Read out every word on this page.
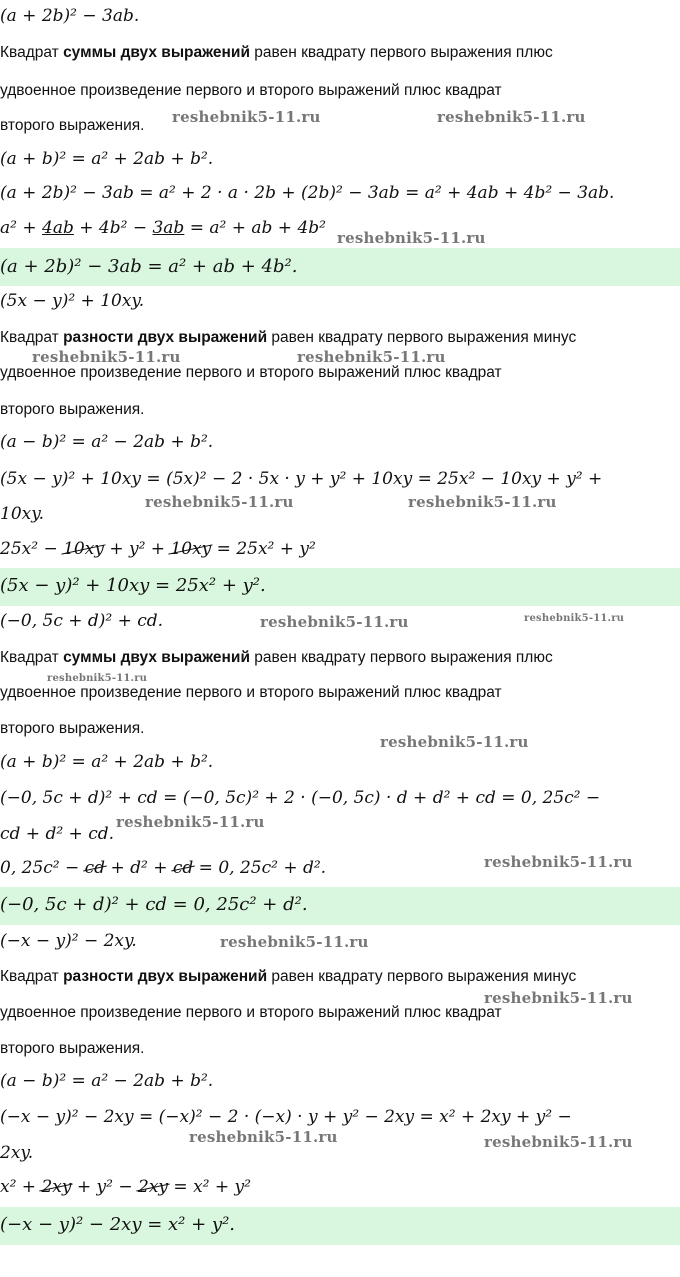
(a + 2b)² − 3ab.
Квадрат суммы двух выражений равен квадрату первого выражения плюс
удвоенное произведение первого и второго выражений плюс квадрат
второго выражения.
(a + b)² = a² + 2ab + b².
(a + 2b)² − 3ab = a² + 2 · a · 2b + (2b)² − 3ab = a² + 4ab + 4b² − 3ab.
a² + 4ab + 4b² − 3ab = a² + ab + 4b²
(a + 2b)² − 3ab = a² + ab + 4b².
(5x − y)² + 10xy.
Квадрат разности двух выражений равен квадрату первого выражения минус
удвоенное произведение первого и второго выражений плюс квадрат
второго выражения.
(a − b)² = a² − 2ab + b².
(5x − y)² + 10xy = (5x)² − 2 · 5x · y + y² + 10xy = 25x² − 10xy + y² +
10xy.
25x² − 10xy + y² + 10xy = 25x² + y²
(5x − y)² + 10xy = 25x² + y².
(−0, 5c + d)² + cd.
Квадрат суммы двух выражений равен квадрату первого выражения плюс
удвоенное произведение первого и второго выражений плюс квадрат
второго выражения.
(a + b)² = a² + 2ab + b².
(−0, 5c + d)² + cd = (−0, 5c)² + 2 · (−0, 5c) · d + d² + cd = 0, 25c² −
cd + d² + cd.
0, 25c² − cd + d² + cd = 0, 25c² + d².
(−0, 5c + d)² + cd = 0, 25c² + d².
(−x − y)² − 2xy.
Квадрат разности двух выражений равен квадрату первого выражения минус
удвоенное произведение первого и второго выражений плюс квадрат
второго выражения.
(a − b)² = a² − 2ab + b².
(−x − y)² − 2xy = (−x)² − 2 · (−x) · y + y² − 2xy = x² + 2xy + y² −
2xy.
x² + 2xy + y² − 2xy = x² + y²
(−x − y)² − 2xy = x² + y².
reshebnik5-11.ru	reshebnik5-11.ru
reshebnik5-11.ru
reshebnik5-11.ru	reshebnik5-11.ru
reshebnik5-11.ru	reshebnik5-11.ru
reshebnik5-11.ru	reshebnik5-11.ru
reshebnik5-11.ru
reshebnik5-11.ru
reshebnik5-11.ru
reshebnik5-11.ru
reshebnik5-11.ru
reshebnik5-11.ru
reshebnik5-11.ru	reshebnik5-11.ru
